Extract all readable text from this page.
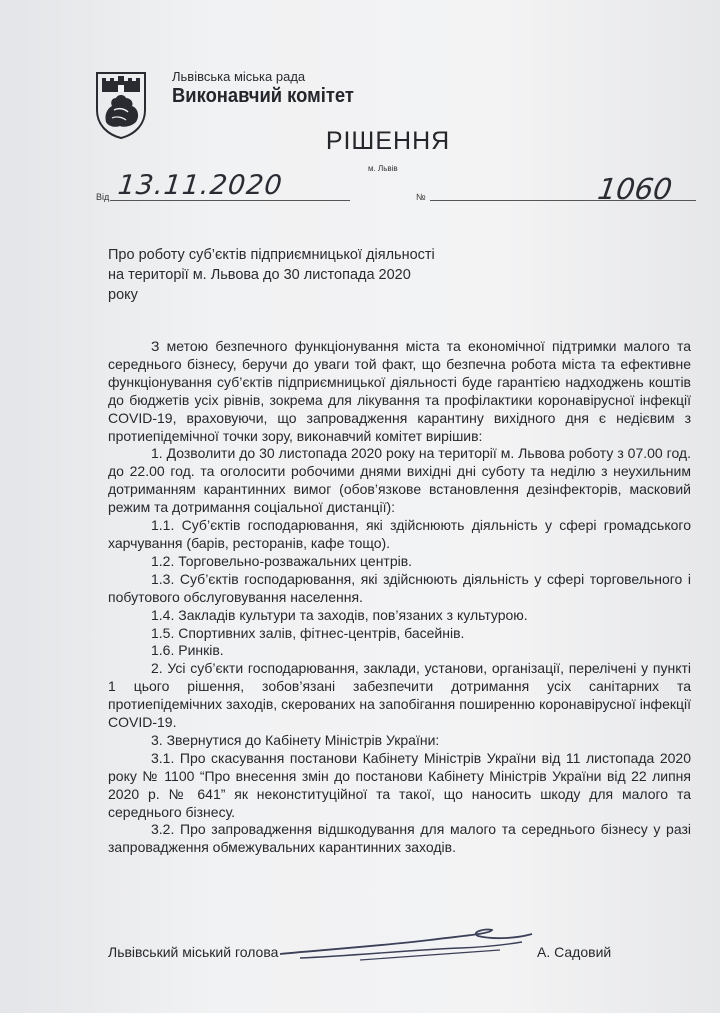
Львівська міська рада
Виконавчий комітет
РІШЕННЯ
м. Львів
Від 13.11.2020	№	1060
Про роботу суб’єктів підприємницької діяльності на території м. Львова до 30 листопада 2020 року

З метою безпечного функціонування міста та економічної підтримки малого та середнього бізнесу, беручи до уваги той факт, що безпечна робота міста та ефективне функціонування суб’єктів підприємницької діяльності буде гарантією надходжень коштів до бюджетів усіх рівнів, зокрема для лікування та профілактики коронавірусної інфекції COVID-19, враховуючи, що запровадження карантину вихідного дня є недієвим з протиепідемічної точки зору, виконавчий комітет вирішив:

1. Дозволити до 30 листопада 2020 року на території м. Львова роботу з 07.00 год. до 22.00 год. та оголосити робочими днями вихідні дні суботу та неділю з неухильним дотриманням карантинних вимог (обов’язкове встановлення дезінфекторів, масковий режим та дотримання соціальної дистанції):

1.1. Суб’єктів господарювання, які здійснюють діяльність у сфері громадського харчування (барів, ресторанів, кафе тощо).

1.2. Торговельно-розважальних центрів.

1.3. Суб’єктів господарювання, які здійснюють діяльність у сфері торговельного і побутового обслуговування населення.

1.4. Закладів культури та заходів, пов’язаних з культурою.

1.5. Спортивних залів, фітнес-центрів, басейнів.

1.6. Ринків.

2. Усі суб’єкти господарювання, заклади, установи, організації, перелічені у пункті 1 цього рішення, зобов’язані забезпечити дотримання усіх санітарних та протиепідемічних заходів, скерованих на запобігання поширенню коронавірусної інфекції COVID-19.

3. Звернутися до Кабінету Міністрів України:

3.1. Про скасування постанови Кабінету Міністрів України від 11 листопада 2020 року № 1100 “Про внесення змін до постанови Кабінету Міністрів України від 22 липня 2020 р. № 641” як неконституційної та такої, що наносить шкоду для малого та середнього бізнесу.

3.2. Про запровадження відшкодування для малого та середнього бізнесу у разі запровадження обмежувальних карантинних заходів.

Львівський міський голова	А. Садовий
